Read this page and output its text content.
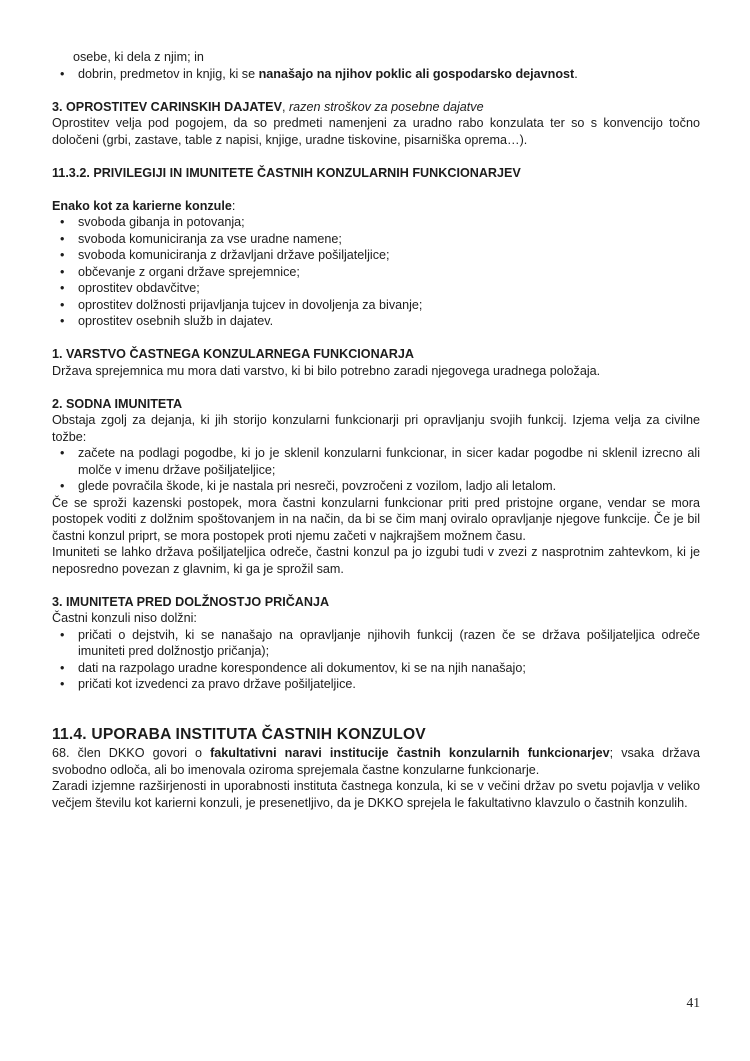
osebe, ki dela z njim; in
• dobrin, predmetov in knjig, ki se nanašajo na njihov poklic ali gospodarsko dejavnost.

3. OPROSTITEV CARINSKIH DAJATEV, razen stroškov za posebne dajatve

Oprostitev velja pod pogojem, da so predmeti namenjeni za uradno rabo konzulata ter so s konvencijo točno določeni (grbi, zastave, table z napisi, knjige, uradne tiskovine, pisarniška oprema…).

11.3.2. PRIVILEGIJI IN IMUNITETE ČASTNIH KONZULARNIH FUNKCIONARJEV

Enako kot za karierne konzule:

• svoboda gibanja in potovanja;
• svoboda komuniciranja za vse uradne namene;
• svoboda komuniciranja z državljani države pošiljateljice;
• občevanje z organi države sprejemnice;
• oprostitev obdavčitve;
• oprostitev dolžnosti prijavljanja tujcev in dovoljenja za bivanje;
• oprostitev osebnih služb in dajatev.

1. VARSTVO ČASTNEGA KONZULARNEGA FUNKCIONARJA

Država sprejemnica mu mora dati varstvo, ki bi bilo potrebno zaradi njegovega uradnega položaja.

2. SODNA IMUNITETA

Obstaja zgolj za dejanja, ki jih storijo konzularni funkcionarji pri opravljanju svojih funkcij. Izjema velja za civilne tožbe:

• začete na podlagi pogodbe, ki jo je sklenil konzularni funkcionar, in sicer kadar pogodbe ni sklenil izrecno ali molče v imenu države pošiljateljice;
• glede povračila škode, ki je nastala pri nesreči, povzročeni z vozilom, ladjo ali letalom.

Če se sproži kazenski postopek, mora častni konzularni funkcionar priti pred pristojne organe, vendar se mora postopek voditi z dolžnim spoštovanjem in na način, da bi se čim manj oviralo opravljanje njegove funkcije. Če je bil častni konzul priprt, se mora postopek proti njemu začeti v najkrajšem možnem času.

Imuniteti se lahko država pošiljateljica odreče, častni konzul pa jo izgubi tudi v zvezi z nasprotnim zahtevkom, ki je neposredno povezan z glavnim, ki ga je sprožil sam.

3. IMUNITETA PRED DOLŽNOSTJO PRIČANJA

Častni konzuli niso dolžni:

• pričati o dejstvih, ki se nanašajo na opravljanje njihovih funkcij (razen če se država pošiljateljica odreče imuniteti pred dolžnostjo pričanja);
• dati na razpolago uradne korespondence ali dokumentov, ki se na njih nanašajo;
• pričati kot izvedenci za pravo države pošiljateljice.

11.4. UPORABA INSTITUTA ČASTNIH KONZULOV

68. člen DKKO govori o fakultativni naravi institucije častnih konzularnih funkcionarjev; vsaka država svobodno odloča, ali bo imenovala oziroma sprejemala častne konzularne funkcionarje.

Zaradi izjemne razširjenosti in uporabnosti instituta častnega konzula, ki se v večini držav po svetu pojavlja v veliko večjem številu kot karierni konzuli, je presenetljivo, da je DKKO sprejela le fakultativno klavzulo o častnih konzulih.

41
